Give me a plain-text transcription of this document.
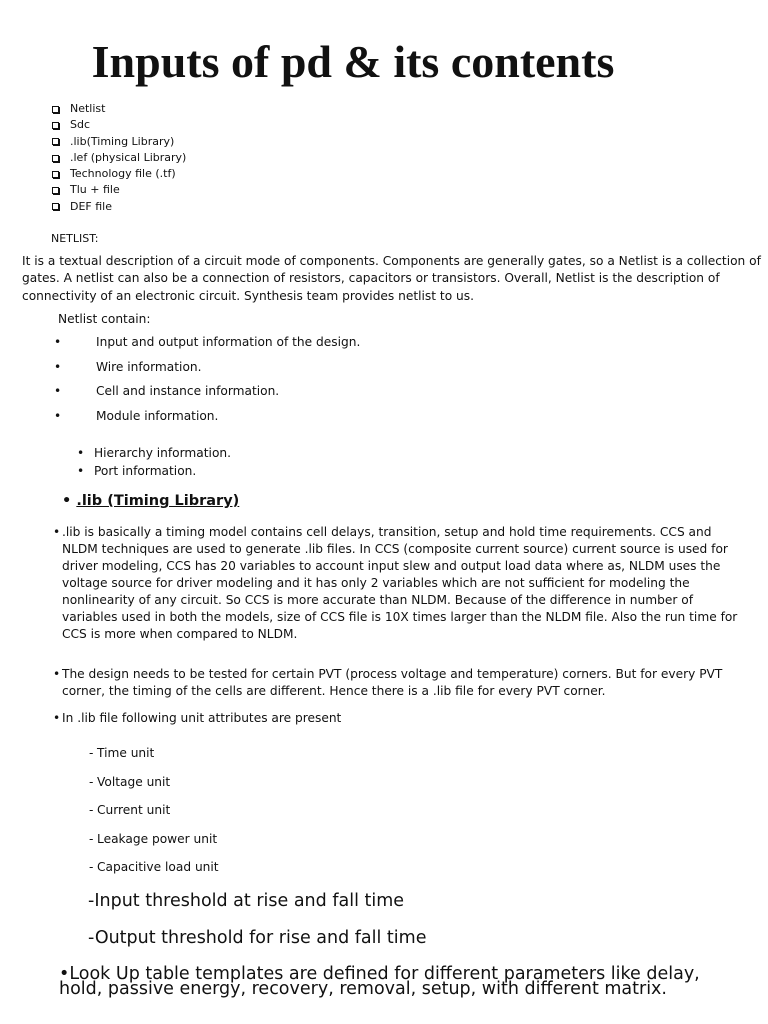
Inputs of pd & its contents
Netlist
Sdc
.lib(Timing Library)
.lef (physical Library)
Technology file (.tf)
Tlu + file
DEF file
NETLIST:

It is a textual description of a circuit mode of components. Components are generally gates, so a Netlist is a collection of gates. A netlist can also be a connection of resistors, capacitors or transistors. Overall, Netlist is the description of connectivity of an electronic circuit. Synthesis team provides netlist to us.

Netlist contain:
•	Input and output information of the design.
•	Wire information.
•	Cell and instance information.
•	Module information.
• Hierarchy information.
• Port information.
• .lib (Timing Library)
• .lib is basically a timing model contains cell delays, transition, setup and hold time requirements. CCS and NLDM techniques are used to generate .lib files. In CCS (composite current source) current source is used for driver modeling, CCS has 20 variables to account input slew and output load data where as, NLDM uses the voltage source for driver modeling and it has only 2 variables which are not sufficient for modeling the nonlinearity of any circuit. So CCS is more accurate than NLDM. Because of the difference in number of variables used in both the models, size of CCS file is 10X times larger than the NLDM file. Also the run time for CCS is more when compared to NLDM.
• The design needs to be tested for certain PVT (process voltage and temperature) corners. But for every PVT corner, the timing of the cells are different. Hence there is a .lib file for every PVT corner.
• In .lib file following unit attributes are present
- Time unit
- Voltage unit
- Current unit
- Leakage power unit
- Capacitive load unit
-Input threshold at rise and fall time
-Output threshold for rise and fall time
•Look Up table templates are defined for different parameters like delay, hold, passive energy, recovery, removal, setup, with different matrix.
